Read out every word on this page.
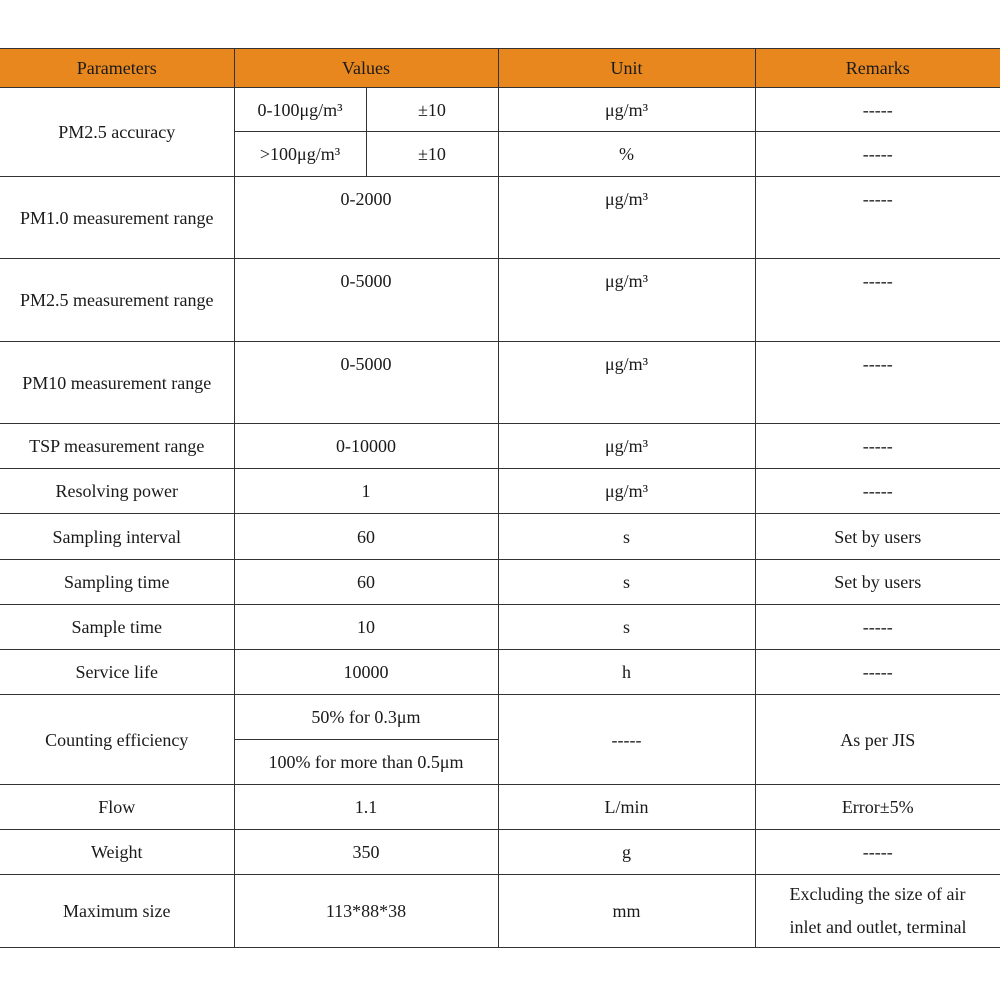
Parameters	Values		Unit	Remarks
PM2.5 accuracy	0-100μg/m³	±10	μg/m³	-----
	>100μg/m³	±10	%	-----
PM1.0 measurement range	0-2000		μg/m³	-----
PM2.5 measurement range	0-5000		μg/m³	-----
PM10 measurement range	0-5000		μg/m³	-----
TSP measurement range	0-10000		μg/m³	-----
Resolving power	1		μg/m³	-----
Sampling interval	60		s	Set by users
Sampling time	60		s	Set by users
Sample time	10		s	-----
Service life	10000		h	-----
Counting efficiency	50% for 0.3μm		-----	As per JIS
	100% for more than 0.5μm			
Flow	1.1		L/min	Error±5%
Weight	350		g	-----
Maximum size	113*88*38		mm	Excluding the size of air inlet and outlet, terminal
